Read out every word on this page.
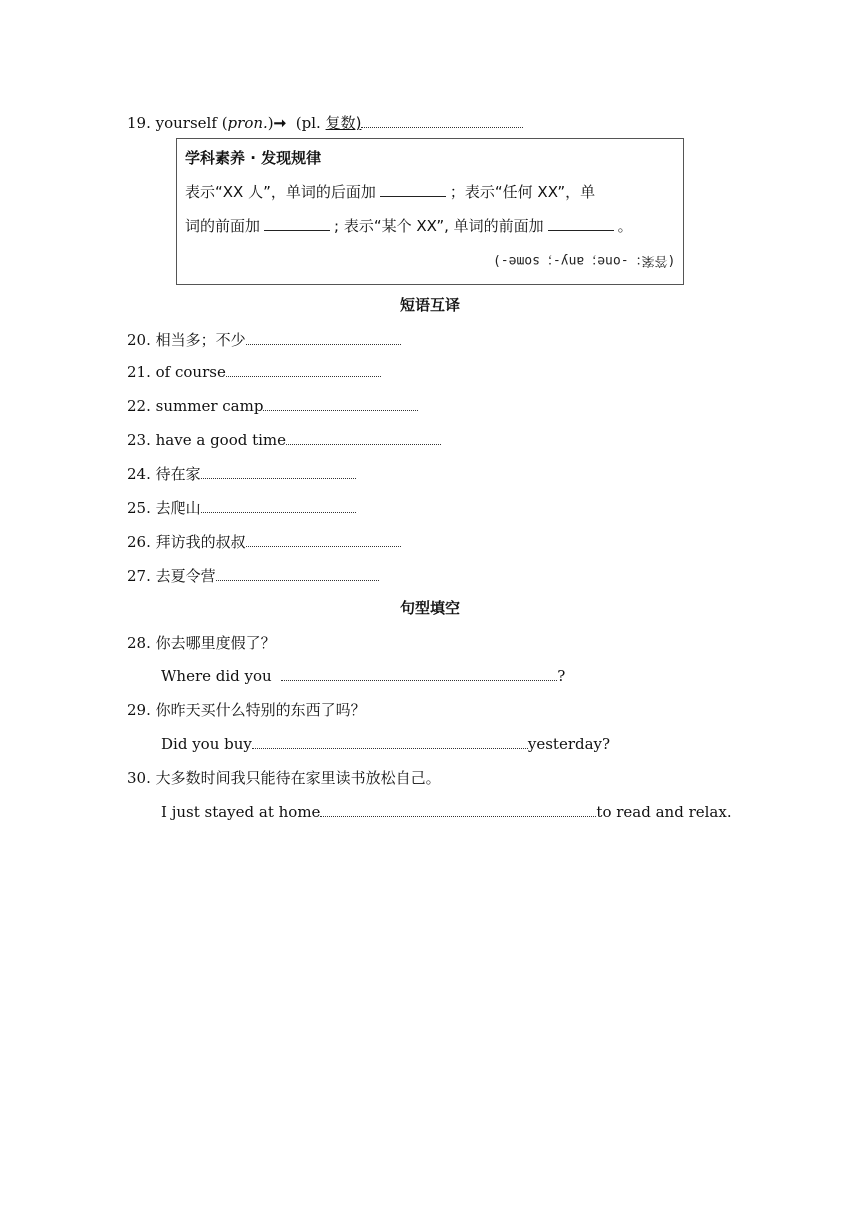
19. yourself (pron.)➞ (pl. 复数)
学科素养 · 发现规律
表示“XX 人”，单词的后面加	；表示“任何 XX”，单
词的前面加	; 表示“某个 XX”, 单词的前面加	。
(答案：-one；any-；some-)
短语互译
20. 相当多；不少
21. of course
22. summer camp
23. have a good time
24. 待在家
25. 去爬山
26. 拜访我的叔叔
27. 去夏令营
句型填空
28. 你去哪里度假了？
Where did you	?
29. 你昨天买什么特别的东西了吗？
Did you buy	yesterday?
30. 大多数时间我只能待在家里读书放松自己。
I just stayed at home	to read and relax.
